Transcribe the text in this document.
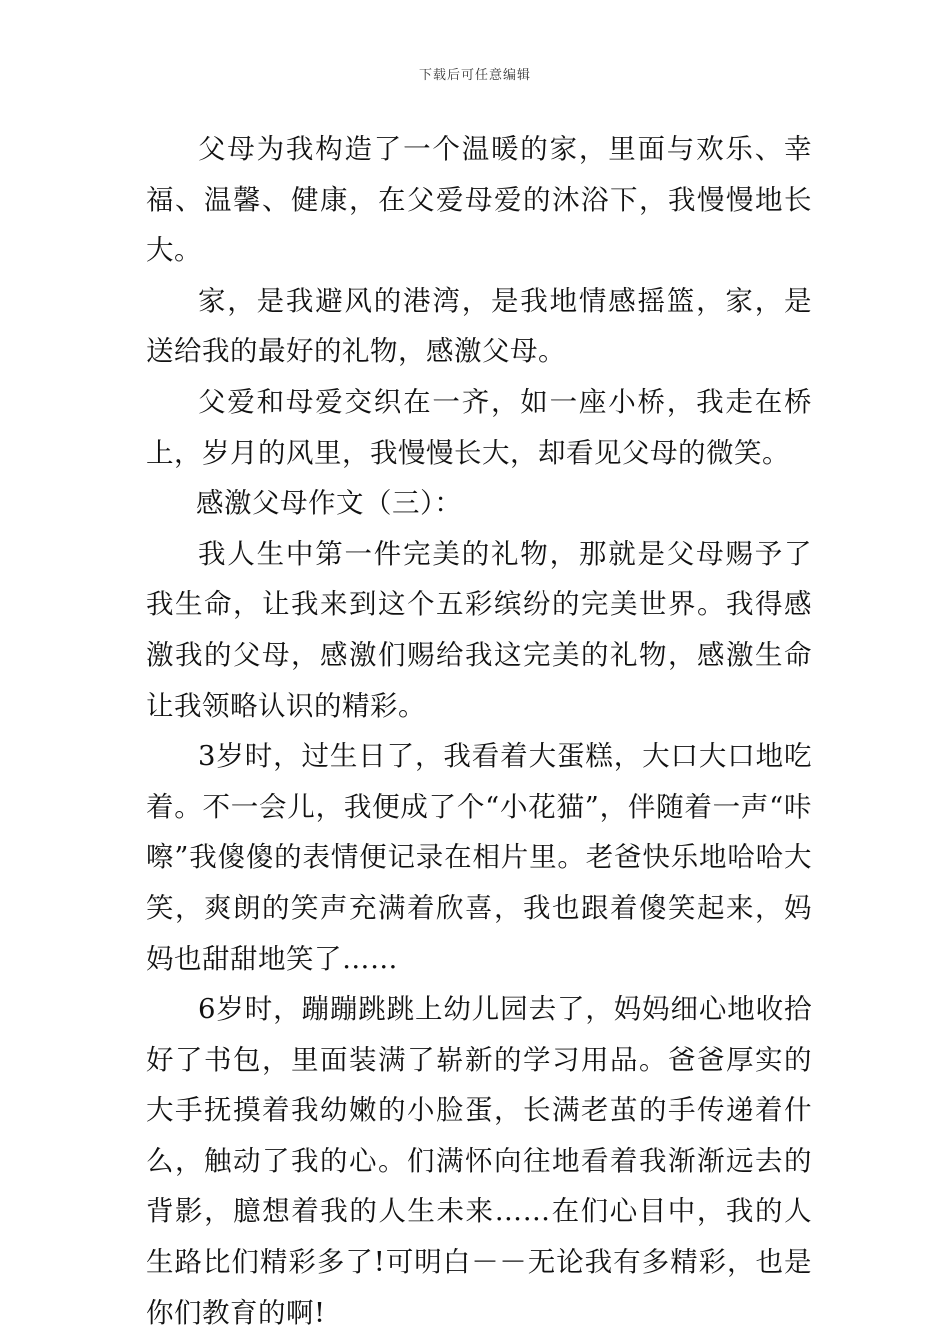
下载后可任意编辑

父母为我构造了一个温暖的家，里面与欢乐、幸福、温馨、健康，在父爱母爱的沐浴下，我慢慢地长大。

家，是我避风的港湾，是我地情感摇篮，家，是送给我的最好的礼物，感激父母。

父爱和母爱交织在一齐，如一座小桥，我走在桥上，岁月的风里，我慢慢长大，却看见父母的微笑。

感激父母作文（三）：

我人生中第一件完美的礼物，那就是父母赐予了我生命，让我来到这个五彩缤纷的完美世界。我得感激我的父母，感激们赐给我这完美的礼物，感激生命让我领略认识的精彩。

3岁时，过生日了，我看着大蛋糕，大口大口地吃着。不一会儿，我便成了个“小花猫”，伴随着一声“咔嚓”我傻傻的表情便记录在相片里。老爸快乐地哈哈大笑，爽朗的笑声充满着欣喜，我也跟着傻笑起来，妈妈也甜甜地笑了……

6岁时，蹦蹦跳跳上幼儿园去了，妈妈细心地收拾好了书包，里面装满了崭新的学习用品。爸爸厚实的大手抚摸着我幼嫩的小脸蛋，长满老茧的手传递着什么，触动了我的心。们满怀向往地看着我渐渐远去的背影，臆想着我的人生未来……在们心目中，我的人生路比们精彩多了!可明白－－无论我有多精彩，也是你们教育的啊!
